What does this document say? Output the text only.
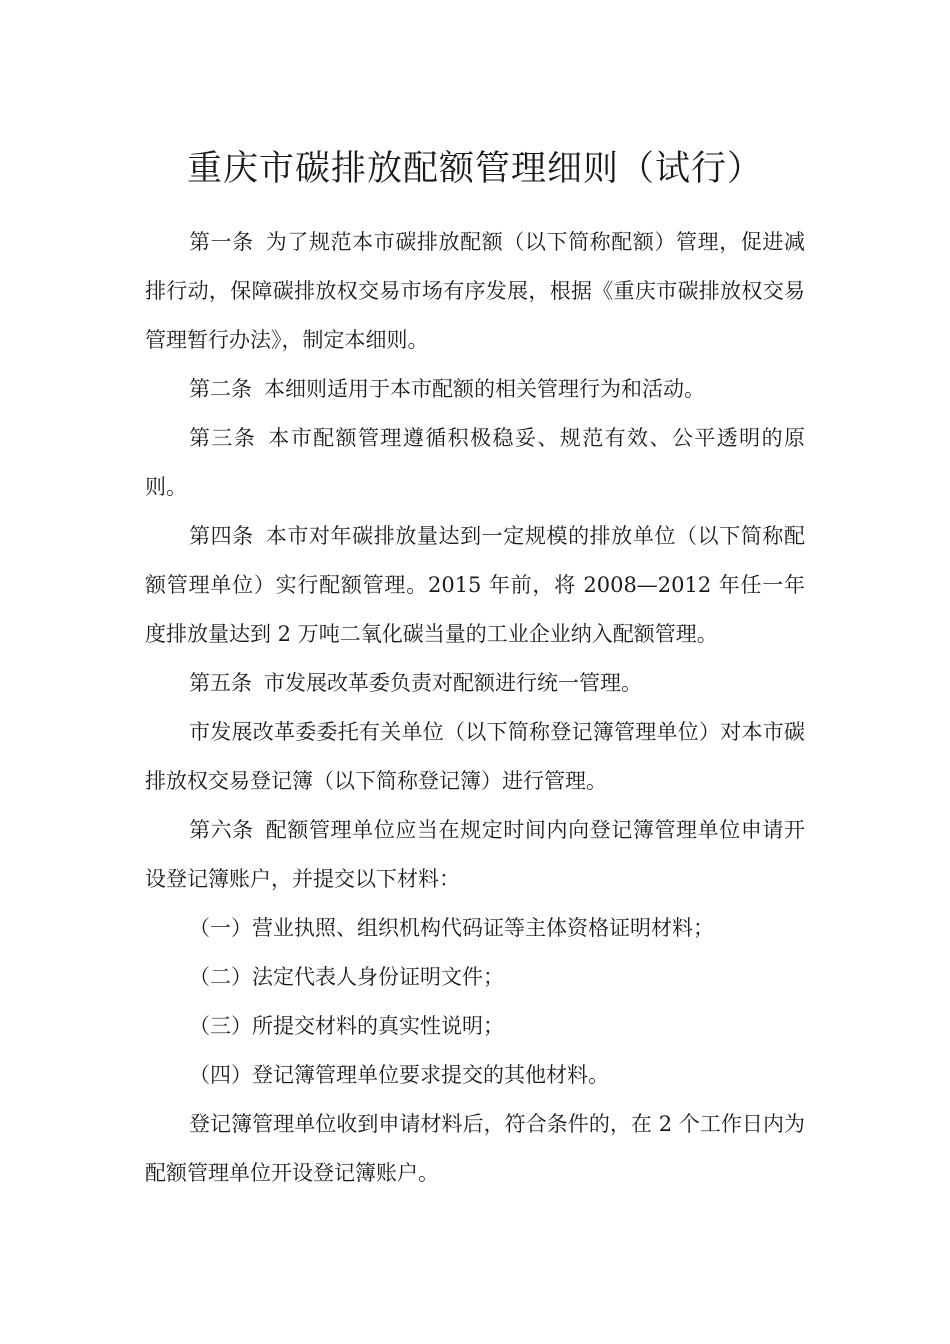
重庆市碳排放配额管理细则（试行）

第一条 为了规范本市碳排放配额（以下简称配额）管理，促进减排行动，保障碳排放权交易市场有序发展，根据《重庆市碳排放权交易管理暂行办法》，制定本细则。

第二条 本细则适用于本市配额的相关管理行为和活动。

第三条 本市配额管理遵循积极稳妥、规范有效、公平透明的原则。

第四条 本市对年碳排放量达到一定规模的排放单位（以下简称配额管理单位）实行配额管理。2015 年前，将 2008—2012 年任一年度排放量达到 2 万吨二氧化碳当量的工业企业纳入配额管理。

第五条 市发展改革委负责对配额进行统一管理。

市发展改革委委托有关单位（以下简称登记簿管理单位）对本市碳排放权交易登记簿（以下简称登记簿）进行管理。

第六条 配额管理单位应当在规定时间内向登记簿管理单位申请开设登记簿账户，并提交以下材料：

（一）营业执照、组织机构代码证等主体资格证明材料；

（二）法定代表人身份证明文件；

（三）所提交材料的真实性说明；

（四）登记簿管理单位要求提交的其他材料。

登记簿管理单位收到申请材料后，符合条件的，在 2 个工作日内为配额管理单位开设登记簿账户。
